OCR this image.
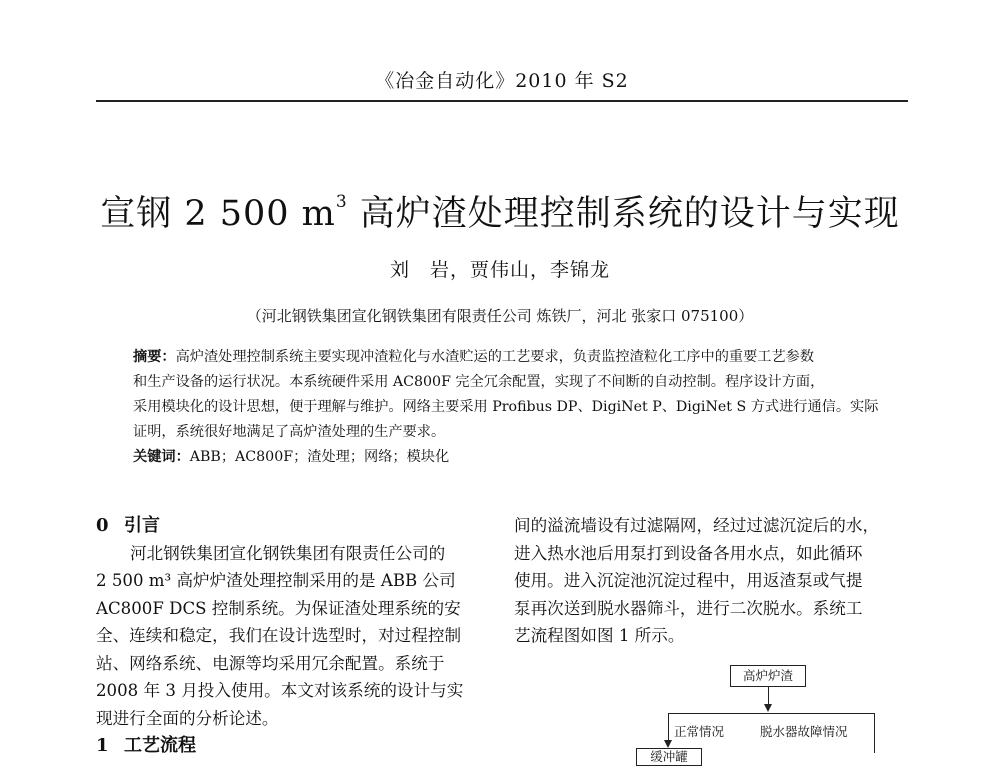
《冶金自动化》2010 年 S2
宣钢 2 500 $m^3$ 高炉渣处理控制系统的设计与实现
刘　岩，贾伟山，李锦龙
（河北钢铁集团宣化钢铁集团有限责任公司 炼铁厂，河北 张家口 075100）
摘要：高炉渣处理控制系统主要实现冲渣粒化与水渣贮运的工艺要求，负责监控渣粒化工序中的重要工艺参数
和生产设备的运行状况。本系统硬件采用 AC800F 完全冗余配置，实现了不间断的自动控制。程序设计方面，
采用模块化的设计思想，便于理解与维护。网络主要采用 Profibus DP、DigiNet P、DigiNet S 方式进行通信。实际
证明，系统很好地满足了高炉渣处理的生产要求。
关键词：ABB；AC800F；渣处理；网络；模块化
0 引言
河北钢铁集团宣化钢铁集团有限责任公司的
2 500 m³ 高炉炉渣处理控制采用的是 ABB 公司
AC800F DCS 控制系统。为保证渣处理系统的安
全、连续和稳定，我们在设计选型时，对过程控制
站、网络系统、电源等均采用冗余配置。系统于
2008 年 3 月投入使用。本文对该系统的设计与实
现进行全面的分析论述。
1 工艺流程
间的溢流墙设有过滤隔网，经过过滤沉淀后的水，
进入热水池后用泵打到设备各用水点，如此循环
使用。进入沉淀池沉淀过程中，用返渣泵或气提
泵再次送到脱水器筛斗，进行二次脱水。系统工
艺流程图如图 1 所示。
高炉炉渣
正常情况	脱水器故障情况
缓冲罐
